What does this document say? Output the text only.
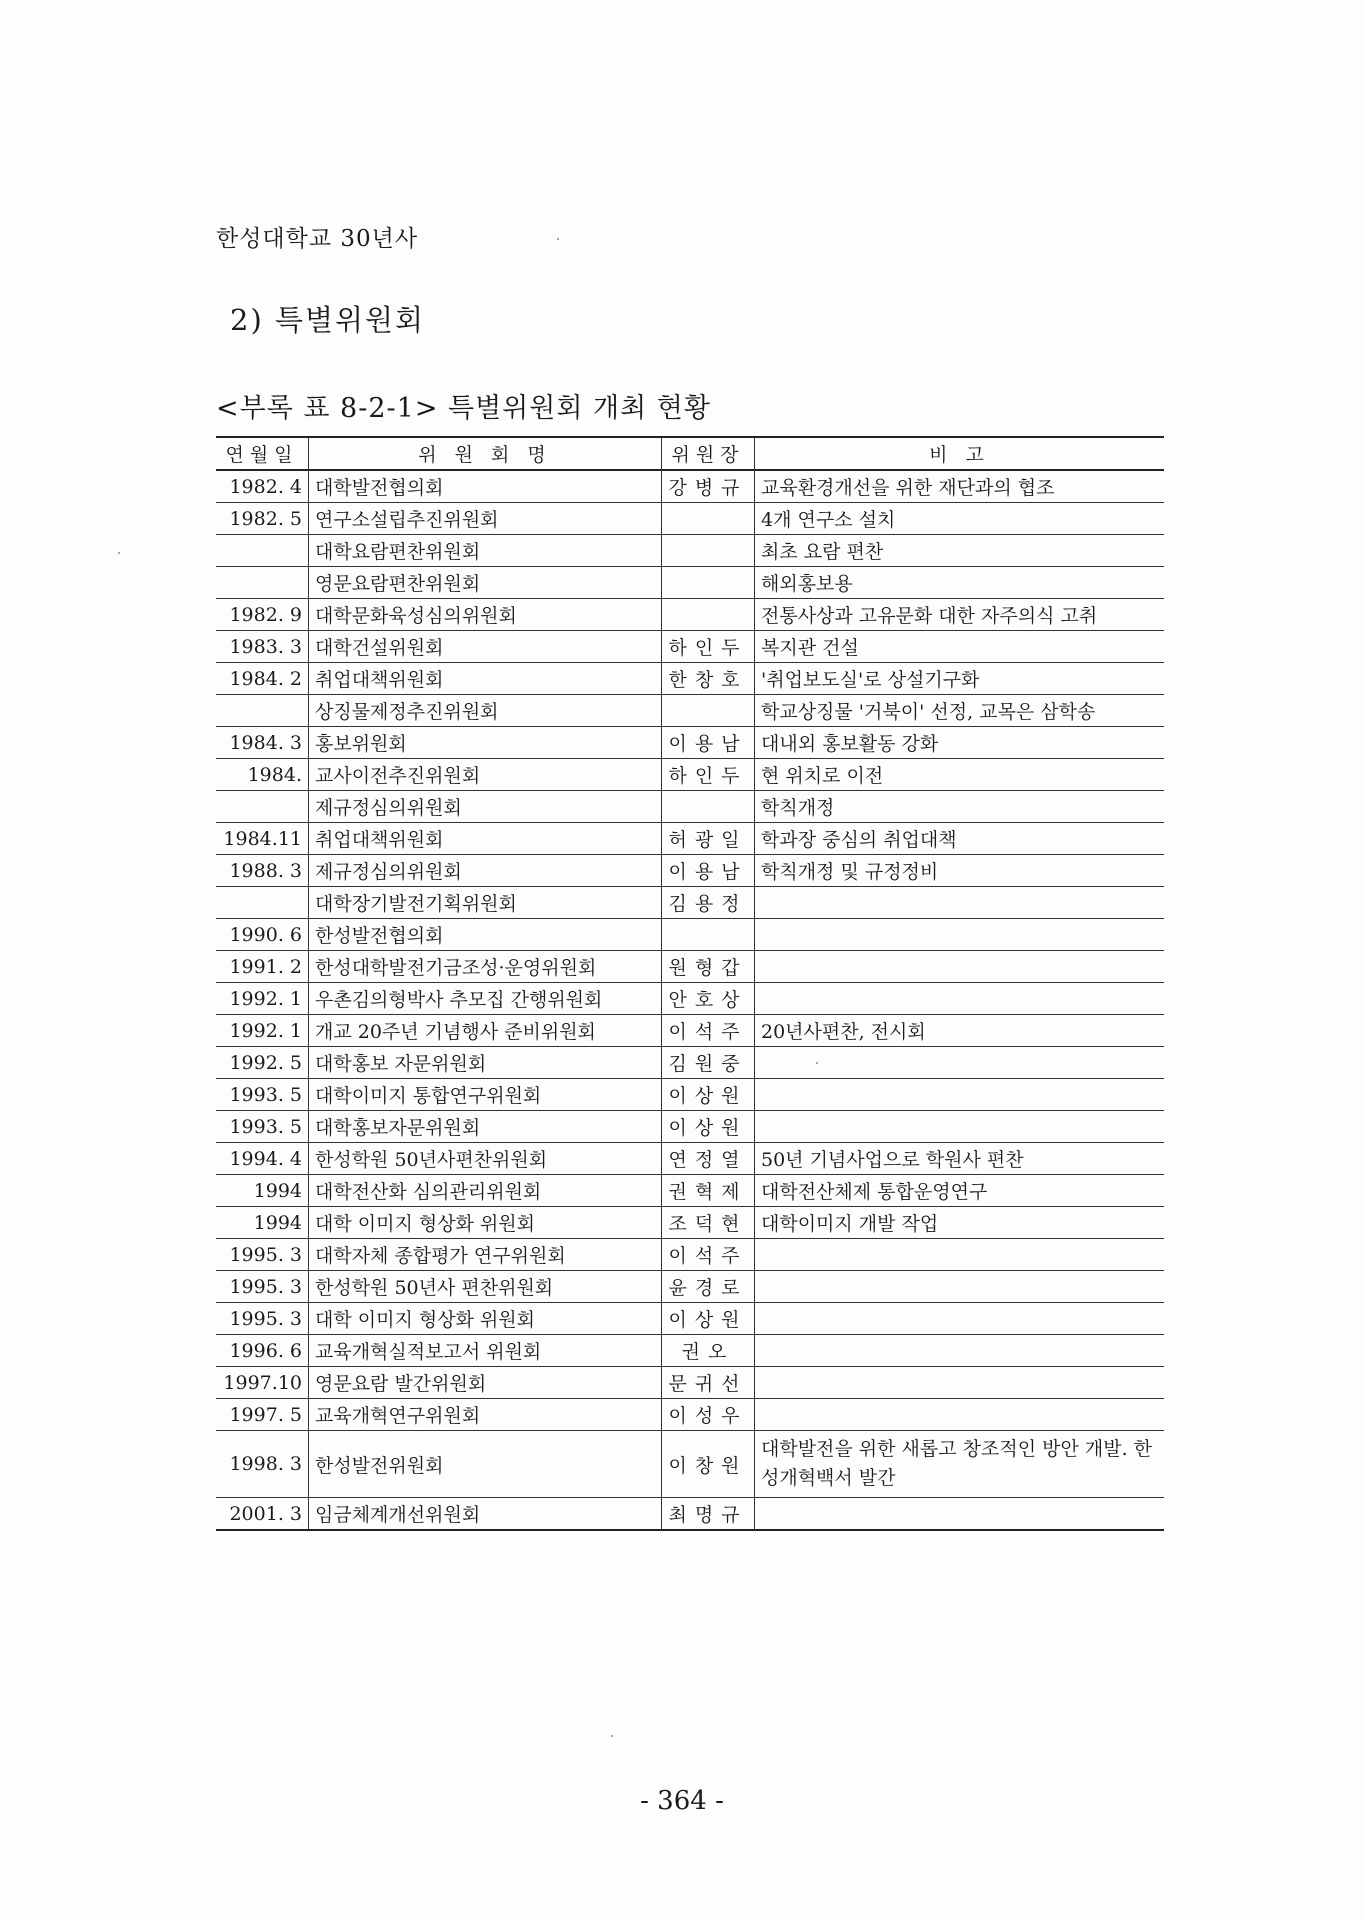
한성대학교 30년사
2) 특별위원회
<부록 표 8-2-1> 특별위원회 개최 현황
연월일	위 원 회 명	위원장	비 고
1982. 4	대학발전협의회	강병규	교육환경개선을 위한 재단과의 협조
1982. 5	연구소설립추진위원회		4개 연구소 설치
	대학요람편찬위원회		최초 요람 편찬
	영문요람편찬위원회		해외홍보용
1982. 9	대학문화육성심의위원회		전통사상과 고유문화 대한 자주의식 고취
1983. 3	대학건설위원회	하인두	복지관 건설
1984. 2	취업대책위원회	한창호	'취업보도실'로 상설기구화
	상징물제정추진위원회		학교상징물 '거북이' 선정, 교목은 삼학송
1984. 3	홍보위원회	이용남	대내외 홍보활동 강화
1984.	교사이전추진위원회	하인두	현 위치로 이전
	제규정심의위원회		학칙개정
1984.11	취업대책위원회	허광일	학과장 중심의 취업대책
1988. 3	제규정심의위원회	이용남	학칙개정 및 규정정비
	대학장기발전기획위원회	김용정	
1990. 6	한성발전협의회		
1991. 2	한성대학발전기금조성·운영위원회	원형갑	
1992. 1	우촌김의형박사 추모집 간행위원회	안호상	
1992. 1	개교 20주년 기념행사 준비위원회	이석주	20년사편찬, 전시회
1992. 5	대학홍보 자문위원회	김원중	
1993. 5	대학이미지 통합연구위원회	이상원	
1993. 5	대학홍보자문위원회	이상원	
1994. 4	한성학원 50년사편찬위원회	연정열	50년 기념사업으로 학원사 편찬
1994	대학전산화 심의관리위원회	권혁제	대학전산체제 통합운영연구
1994	대학 이미지 형상화 위원회	조덕현	대학이미지 개발 작업
1995. 3	대학자체 종합평가 연구위원회	이석주	
1995. 3	한성학원 50년사 편찬위원회	윤경로	
1995. 3	대학 이미지 형상화 위원회	이상원	
1996. 6	교육개혁실적보고서 위원회	권오	
1997.10	영문요람 발간위원회	문귀선	
1997. 5	교육개혁연구위원회	이성우	
1998. 3	한성발전위원회	이창원	대학발전을 위한 새롭고 창조적인 방안 개발. 한성개혁백서 발간
2001. 3	임금체계개선위원회	최명규	
- 364 -
